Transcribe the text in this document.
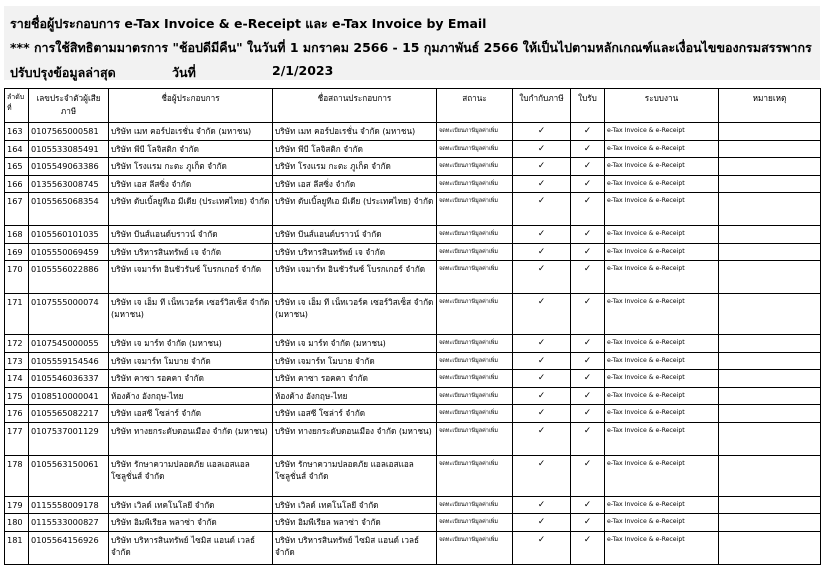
รายชื่อผู้ประกอบการ e-Tax Invoice & e-Receipt และ e-Tax Invoice by Email
*** การใช้สิทธิตามมาตรการ "ช้อปดีมีคืน" ในวันที่ 1 มกราคม 2566 - 15 กุมภาพันธ์ 2566 ให้เป็นไปตามหลักเกณฑ์และเงื่อนไขของกรมสรรพากร
ปรับปรุงข้อมูลล่าสุด	วันที่	2/1/2023
ลำดับที่	เลขประจำตัวผู้เสียภาษี	ชื่อผู้ประกอบการ	ชื่อสถานประกอบการ	สถานะ	ใบกำกับภาษี	ใบรับ	ระบบงาน	หมายเหตุ
163	0107565000581	บริษัท เมท คอร์ปอเรชั่น จำกัด (มหาชน)	บริษัท เมท คอร์ปอเรชั่น จำกัด (มหาชน)	จดทะเบียนภาษีมูลค่าเพิ่ม	✓	✓	e-Tax Invoice & e-Receipt	
164	0105533085491	บริษัท พีบี โลจิสติก จำกัด	บริษัท พีบี โลจิสติก จำกัด	จดทะเบียนภาษีมูลค่าเพิ่ม	✓	✓	e-Tax Invoice & e-Receipt	
165	0105549063386	บริษัท โรงแรม กะตะ ภูเก็ต จำกัด	บริษัท โรงแรม กะตะ ภูเก็ต จำกัด	จดทะเบียนภาษีมูลค่าเพิ่ม	✓	✓	e-Tax Invoice & e-Receipt	
166	0135563008745	บริษัท เอส ลีสซิ่ง จำกัด	บริษัท เอส ลีสซิ่ง จำกัด	จดทะเบียนภาษีมูลค่าเพิ่ม	✓	✓	e-Tax Invoice & e-Receipt	
167	0105565068354	บริษัท ดับเบิ้ลยูทีเอ มีเดีย (ประเทศไทย) จำกัด	บริษัท ดับเบิ้ลยูทีเอ มีเดีย (ประเทศไทย) จำกัด	จดทะเบียนภาษีมูลค่าเพิ่ม	✓	✓	e-Tax Invoice & e-Receipt	
168	0105560101035	บริษัท บีนส์แอนด์บราวน์ จำกัด	บริษัท บีนส์แอนด์บราวน์ จำกัด	จดทะเบียนภาษีมูลค่าเพิ่ม	✓	✓	e-Tax Invoice & e-Receipt	
169	0105550069459	บริษัท บริหารสินทรัพย์ เจ จำกัด	บริษัท บริหารสินทรัพย์ เจ จำกัด	จดทะเบียนภาษีมูลค่าเพิ่ม	✓	✓	e-Tax Invoice & e-Receipt	
170	0105556022886	บริษัท เจมาร์ท อินชัวรันซ์ โบรกเกอร์ จำกัด	บริษัท เจมาร์ท อินชัวรันซ์ โบรกเกอร์ จำกัด	จดทะเบียนภาษีมูลค่าเพิ่ม	✓	✓	e-Tax Invoice & e-Receipt	
171	0107555000074	บริษัท เจ เอ็ม ที เน็ทเวอร์ค เซอร์วิสเซ็ส จำกัด (มหาชน)	บริษัท เจ เอ็ม ที เน็ทเวอร์ค เซอร์วิสเซ็ส จำกัด (มหาชน)	จดทะเบียนภาษีมูลค่าเพิ่ม	✓	✓	e-Tax Invoice & e-Receipt	
172	0107545000055	บริษัท เจ มาร์ท จำกัด (มหาชน)	บริษัท เจ มาร์ท จำกัด (มหาชน)	จดทะเบียนภาษีมูลค่าเพิ่ม	✓	✓	e-Tax Invoice & e-Receipt	
173	0105559154546	บริษัท เจมาร์ท โมบาย จำกัด	บริษัท เจมาร์ท โมบาย จำกัด	จดทะเบียนภาษีมูลค่าเพิ่ม	✓	✓	e-Tax Invoice & e-Receipt	
174	0105546036337	บริษัท คาซา รอคคา จำกัด	บริษัท คาซา รอคคา จำกัด	จดทะเบียนภาษีมูลค่าเพิ่ม	✓	✓	e-Tax Invoice & e-Receipt	
175	0108510000041	ห้องค้าง อังกฤษ-ไทย	ห้องค้าง อังกฤษ-ไทย	จดทะเบียนภาษีมูลค่าเพิ่ม	✓	✓	e-Tax Invoice & e-Receipt	
176	0105565082217	บริษัท เอสซี โซล่าร์ จำกัด	บริษัท เอสซี โซล่าร์ จำกัด	จดทะเบียนภาษีมูลค่าเพิ่ม	✓	✓	e-Tax Invoice & e-Receipt	
177	0107537001129	บริษัท ทางยกระดับดอนเมือง จำกัด (มหาชน)	บริษัท ทางยกระดับดอนเมือง จำกัด (มหาชน)	จดทะเบียนภาษีมูลค่าเพิ่ม	✓	✓	e-Tax Invoice & e-Receipt	
178	0105563150061	บริษัท รักษาความปลอดภัย แอลเอสแอล โซลูชั่นส์ จำกัด	บริษัท รักษาความปลอดภัย แอลเอสแอล โซลูชั่นส์ จำกัด	จดทะเบียนภาษีมูลค่าเพิ่ม	✓	✓	e-Tax Invoice & e-Receipt	
179	0115558009178	บริษัท เวิลด์ เทคโนโลยี จำกัด	บริษัท เวิลด์ เทคโนโลยี จำกัด	จดทะเบียนภาษีมูลค่าเพิ่ม	✓	✓	e-Tax Invoice & e-Receipt	
180	0115533000827	บริษัท อิมพีเรียล พลาซ่า จำกัด	บริษัท อิมพีเรียล พลาซ่า จำกัด	จดทะเบียนภาษีมูลค่าเพิ่ม	✓	✓	e-Tax Invoice & e-Receipt	
181	0105564156926	บริษัท บริหารสินทรัพย์ ไซมิส แอนด์ เวลธ์ จำกัด	บริษัท บริหารสินทรัพย์ ไซมิส แอนด์ เวลธ์ จำกัด	จดทะเบียนภาษีมูลค่าเพิ่ม	✓	✓	e-Tax Invoice & e-Receipt	
